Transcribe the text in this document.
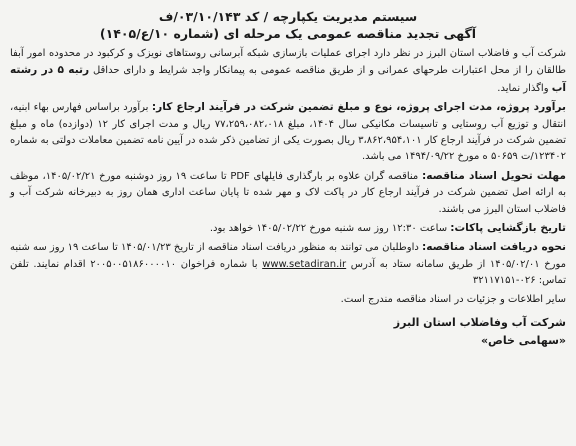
سیستم مدیریت یکپارچه / کد ۰۳/۱۰/۱۴۳/ف
آگهی تجدید مناقصه عمومی یک مرحله ای (شماره ۱۰/ع/۱۴۰۵)

شرکت آب و فاضلاب استان البرز در نظر دارد اجرای عملیات بازسازی شبکه آبرسانی روستاهای نویزک و کرکبود در محدوده امور آبفا طالقان را از محل اعتبارات طرحهای عمرانی و از طریق مناقصه عمومی به پیمانکار واجد شرایط و دارای حداقل رتبه ۵ در رشته آب واگذار نماید.

برآورد پروژه، مدت اجرای پروژه، نوع و مبلغ تضمین شرکت در فرآیند ارجاع کار: برآورد براساس فهارس بهاء ابنیه، انتقال و توزیع آب روستایی و تاسیسات مکانیکی سال ۱۴۰۴، مبلغ ۷۷،۲۵۹،۰۸۲،۰۱۸ ریال و مدت اجرای کار ۱۲ (دوازده) ماه و مبلغ تضمین شرکت در فرآیند ارجاع کار ۳،۸۶۲،۹۵۴،۱۰۱ ریال بصورت یکی از تضامین ذکر شده در آیین نامه تضمین معاملات دولتی به شماره ۱۲۳۴۰۲/ت ۵۰۶۵۹ ه مورخ ۱۴۹۴/۰۹/۲۲ می باشد.

مهلت تحویل اسناد مناقصه: مناقصه گران علاوه بر بارگذاری فایلهای PDF تا ساعت ۱۹ روز دوشنبه مورخ ۱۴۰۵/۰۲/۲۱، موظف به ارائه اصل تضمین شرکت در فرآیند ارجاع کار در پاکت لاک و مهر شده تا پایان ساعت اداری همان روز به دبیرخانه شرکت آب و فاضلاب استان البرز می باشند.

تاریخ بازگشایی پاکات: ساعت ۱۲:۳۰ روز سه شنبه مورخ ۱۴۰۵/۰۲/۲۲ خواهد بود.

نحوه دریافت اسناد مناقصه: داوطلبان می توانند به منظور دریافت اسناد مناقصه از تاریخ ۱۴۰۵/۰۱/۲۳ تا ساعت ۱۹ روز سه شنبه مورخ ۱۴۰۵/۰۲/۰۱ از طریق سامانه ستاد به آدرس www.setadiran.ir با شماره فراخوان ۲۰۰۵۰۰۵۱۸۶۰۰۰۰۱۰ اقدام نمایند. تلفن تماس: ۰۲۶-۳۲۱۱۷۱۵۱

سایر اطلاعات و جزئیات در اسناد مناقصه مندرج است.

شرکت آب وفاضلاب استان البرز
«سهامی خاص»
